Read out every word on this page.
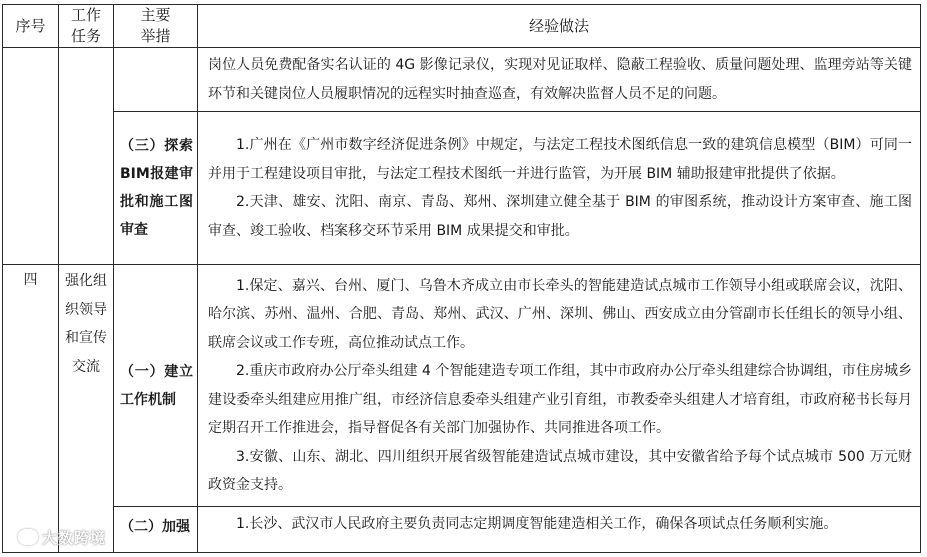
序号	工作任务	主要举措	经验做法

			岗位人员免费配备实名认证的 4G 影像记录仪，实现对见证取样、隐蔽工程验收、质量问题处理、监理旁站等关键环节和关键岗位人员履职情况的远程实时抽查巡查，有效解决监督人员不足的问题。

		（三）探索BIM报建审批和施工图审查	1.广州在《广州市数字经济促进条例》中规定，与法定工程技术图纸信息一致的建筑信息模型（BIM）可同一并用于工程建设项目审批，与法定工程技术图纸一并进行监管，为开展 BIM 辅助报建审批提供了依据。

2.天津、雄安、沈阳、南京、青岛、郑州、深圳建立健全基于 BIM 的审图系统，推动设计方案审查、施工图审查、竣工验收、档案移交环节采用 BIM 成果提交和审批。

四	强化组织领导和宣传交流	（一）建立工作机制	1.保定、嘉兴、台州、厦门、乌鲁木齐成立由市长牵头的智能建造试点城市工作领导小组或联席会议，沈阳、哈尔滨、苏州、温州、合肥、青岛、郑州、武汉、广州、深圳、佛山、西安成立由分管副市长任组长的领导小组、联席会议或工作专班，高位推动试点工作。

2.重庆市政府办公厅牵头组建 4 个智能建造专项工作组，其中市政府办公厅牵头组建综合协调组，市住房城乡建设委牵头组建应用推广组，市经济信息委牵头组建产业引育组，市教委牵头组建人才培育组，市政府秘书长每月定期召开工作推进会，指导督促各有关部门加强协作、共同推进各项工作。

3.安徽、山东、湖北、四川组织开展省级智能建造试点城市建设，其中安徽省给予每个试点城市 500 万元财政资金支持。

		（二）加强	1.长沙、武汉市人民政府主要负责同志定期调度智能建造相关工作，确保各项试点任务顺利实施。

大数跨境
